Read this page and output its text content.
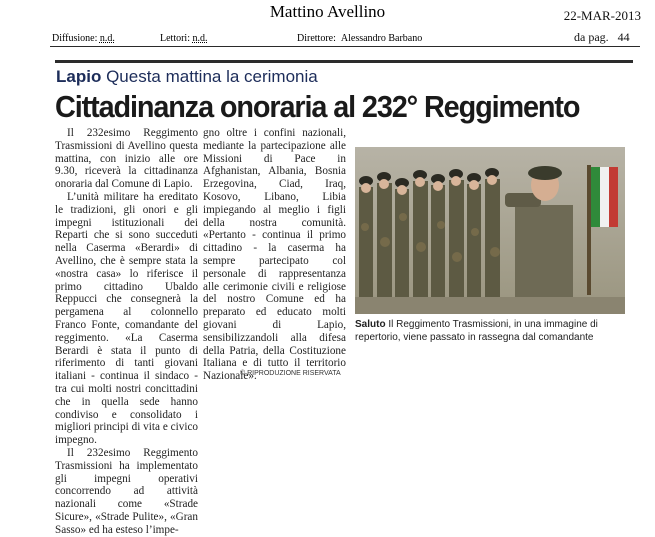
Mattino Avellino	22-MAR-2013
Diffusione: n.d.	Lettori: n.d.	Direttore: Alessandro Barbano	da pag. 44
Lapio Questa mattina la cerimonia
Cittadinanza onoraria al 232° Reggimento

Il 232esimo Reggimento Trasmissioni di Avellino questa mattina, con inizio alle ore 9.30, riceverà la cittadinanza onoraria dal Comune di Lapio.

L’unità militare ha ereditato le tradizioni, gli onori e gli impegni istituzionali dei Reparti che si sono succeduti nella Caserma «Berardi» di Avellino, che è sempre stata la «nostra casa» lo riferisce il primo cittadino Ubaldo Reppucci che consegnerà la pergamena al colonnello Franco Fonte, comandante del reggimento. «La Caserma Berardi è stata il punto di riferimento di tanti giovani italiani - continua il sindaco - tra cui molti nostri concittadini che in quella sede hanno condiviso e consolidato i migliori principi di vita e civico impegno.

Il 232esimo Reggimento Trasmissioni ha implementato gli impegni operativi concorrendo ad attività nazionali come «Strade Sicure», «Strade Pulite», «Gran Sasso» ed ha esteso l’impe-

gno oltre i confini nazionali, mediante la partecipazione alle Missioni di Pace in Afghanistan, Albania, Bosnia Erzegovina, Ciad, Iraq, Kosovo, Libano, Libia impiegando al meglio i figli della nostra comunità. «Pertanto - continua il primo cittadino - la caserma ha sempre partecipato col personale di rappresentanza alle cerimonie civili e religiose del nostro Comune ed ha preparato ed educato molti giovani di Lapio, sensibilizzandoli alla difesa della Patria, della Costituzione Italiana e di tutto il territorio Nazionale».

© RIPRODUZIONE RISERVATA
Saluto Il Reggimento Trasmissioni, in una immagine di repertorio, viene passato in rassegna dal comandante
